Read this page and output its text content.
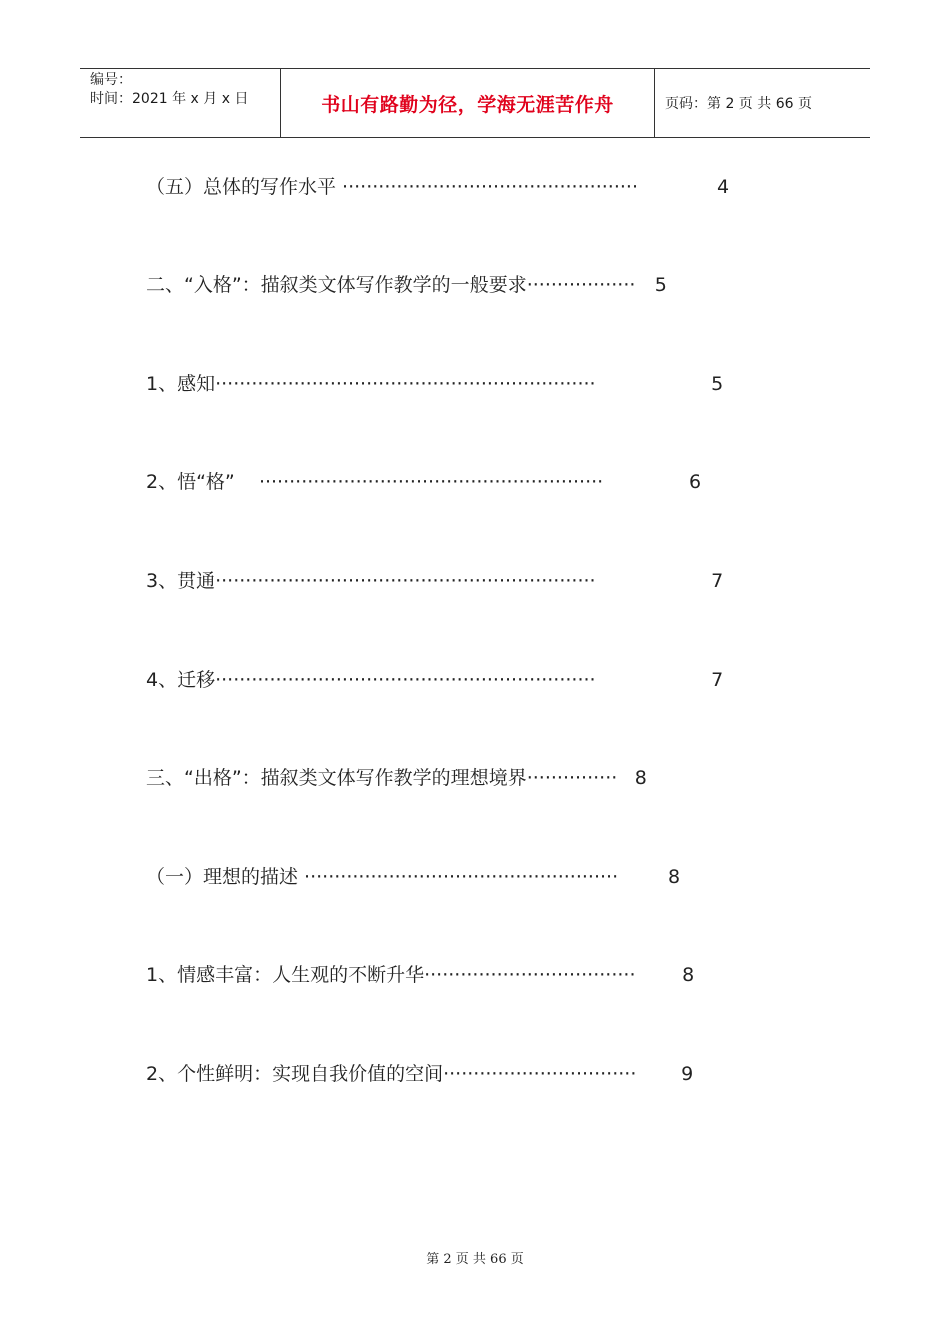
编号：
时间：2021 年 x 月 x 日	书山有路勤为径，学海无涯苦作舟	页码：第 2 页 共 66 页
（五）总体的写作水平 ·················································	4
二、“入格”：描叙类文体写作教学的一般要求 ··················	5
1、感知 ·······························································	5
2、悟“格” ·························································	6
3、贯通 ·······························································	7
4、迁移 ·······························································	7
三、“出格”：描叙类文体写作教学的理想境界 ··············· 8
（一）理想的描述 ····················································	8
1、情感丰富：人生观的不断升华 ···································	8
2、个性鲜明：实现自我价值的空间 ································	9
第 2 页 共 66 页
